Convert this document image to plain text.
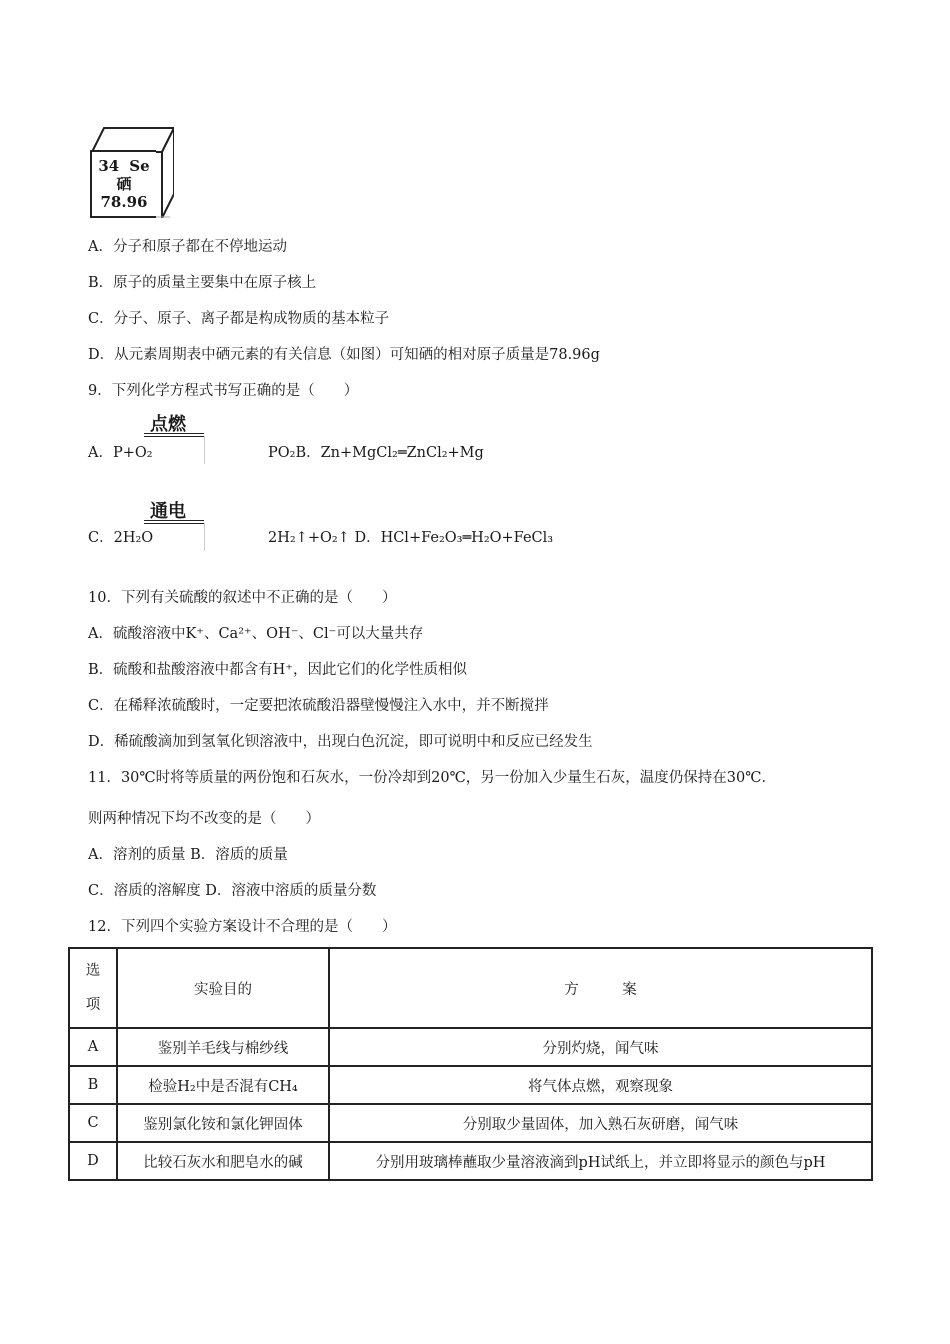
34 Se
硒
78.96
A．分子和原子都在不停地运动
B．原子的质量主要集中在原子核上
C．分子、原子、离子都是构成物质的基本粒子
D．从元素周期表中硒元素的有关信息（如图）可知硒的相对原子质量是78.96g
9．下列化学方程式书写正确的是（　　）
点燃
A．P+O₂	PO₂B．Zn+MgCl₂═ZnCl₂+Mg
通电
C．2H₂O	2H₂↑+O₂↑ D．HCl+Fe₂O₃═H₂O+FeCl₃
10．下列有关硫酸的叙述中不正确的是（　　）
A．硫酸溶液中K⁺、Ca²⁺、OH⁻、Cl⁻可以大量共存
B．硫酸和盐酸溶液中都含有H⁺，因此它们的化学性质相似
C．在稀释浓硫酸时，一定要把浓硫酸沿器壁慢慢注入水中，并不断搅拌
D．稀硫酸滴加到氢氧化钡溶液中，出现白色沉淀，即可说明中和反应已经发生
11．30℃时将等质量的两份饱和石灰水，一份冷却到20℃，另一份加入少量生石灰，温度仍保持在30℃．
则两种情况下均不改变的是（　　）
A．溶剂的质量 B．溶质的质量
C．溶质的溶解度 D．溶液中溶质的质量分数
12．下列四个实验方案设计不合理的是（　　）
选
项	实验目的	方　　　案
A	鉴别羊毛线与棉纱线	分别灼烧，闻气味
B	检验H₂中是否混有CH₄	将气体点燃，观察现象
C	鉴别氯化铵和氯化钾固体	分别取少量固体，加入熟石灰研磨，闻气味
D	比较石灰水和肥皂水的碱	分别用玻璃棒蘸取少量溶液滴到pH试纸上，并立即将显示的颜色与pH
